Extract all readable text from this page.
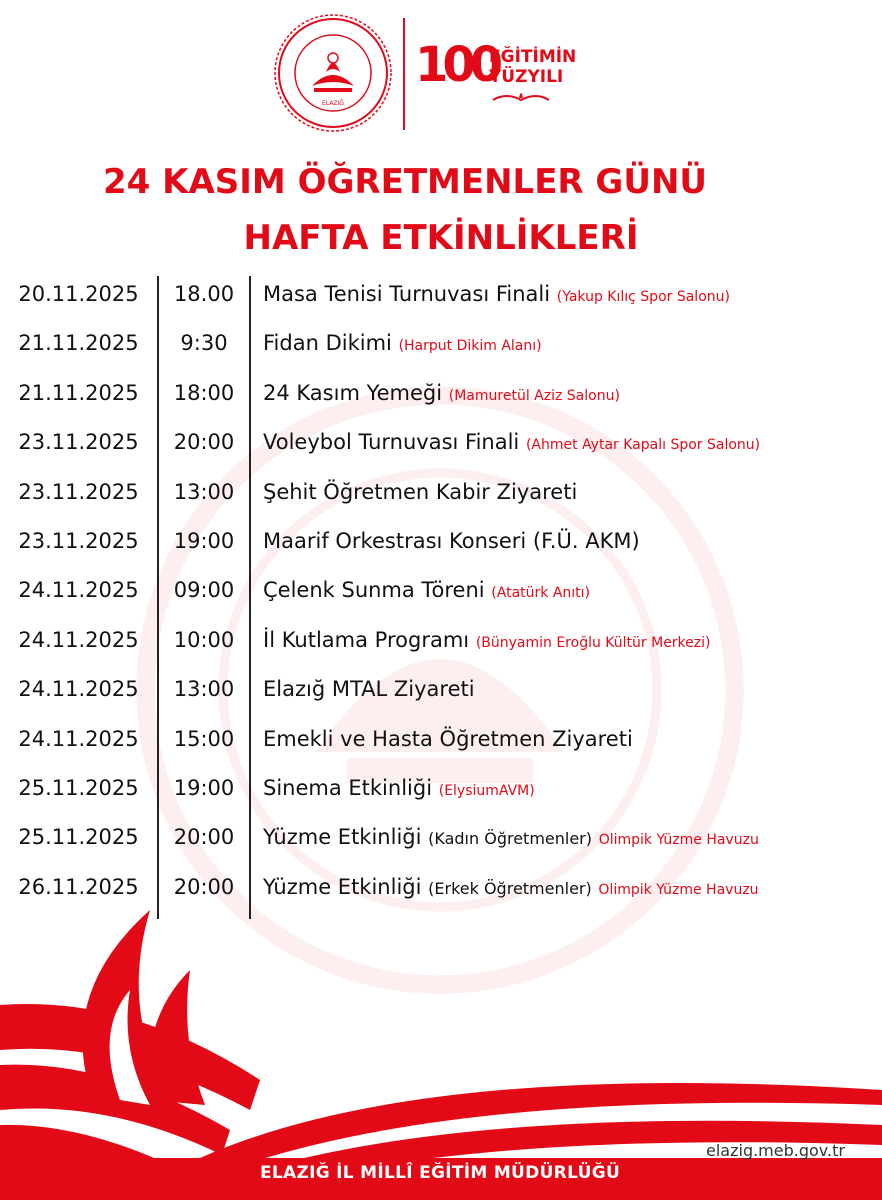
ELAZIĞ
100
EĞİTİMİN
YÜZYILI
24 KASIM ÖĞRETMENLER GÜNÜ
HAFTA ETKİNLİKLERİ
20.11.2025	18.00	Masa Tenisi Turnuvası Finali (Yakup Kılıç Spor Salonu)
21.11.2025	9:30	Fidan Dikimi (Harput Dikim Alanı)
21.11.2025	18:00	24 Kasım Yemeği (Mamuretül Aziz Salonu)
23.11.2025	20:00	Voleybol Turnuvası Finali (Ahmet Aytar Kapalı Spor Salonu)
23.11.2025	13:00	Şehit Öğretmen Kabir Ziyareti
23.11.2025	19:00	Maarif Orkestrası Konseri (F.Ü. AKM)
24.11.2025	09:00	Çelenk Sunma Töreni (Atatürk Anıtı)
24.11.2025	10:00	İl Kutlama Programı (Bünyamin Eroğlu Kültür Merkezi)
24.11.2025	13:00	Elazığ MTAL Ziyareti
24.11.2025	15:00	Emekli ve Hasta Öğretmen Ziyareti
25.11.2025	19:00	Sinema Etkinliği (ElysiumAVM)
25.11.2025	20:00	Yüzme Etkinliği (Kadın Öğretmenler) Olimpik Yüzme Havuzu
26.11.2025	20:00	Yüzme Etkinliği (Erkek Öğretmenler) Olimpik Yüzme Havuzu
elazig.meb.gov.tr
ELAZIĞ İL MİLLÎ EĞİTİM MÜDÜRLÜĞÜ
